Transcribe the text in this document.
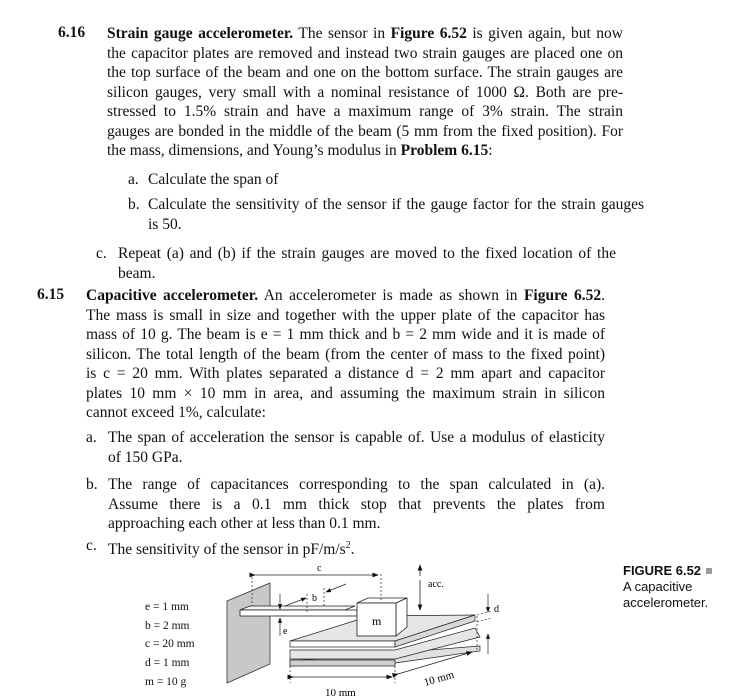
6.16 Strain gauge accelerometer. The sensor in Figure 6.52 is given again, but now
the capacitor plates are removed and instead two strain gauges are placed one on
the top surface of the beam and one on the bottom surface. The strain gauges are
silicon gauges, very small with a nominal resistance of 1000 Ω. Both are pre-
stressed to 1.5% strain and have a maximum range of 3% strain. The strain
gauges are bonded in the middle of the beam (5 mm from the fixed position). For
the mass, dimensions, and Young’s modulus in Problem 6.15:
a. Calculate the span of
b. Calculate the sensitivity of the sensor if the gauge factor for the strain gauges
is 50.
c. Repeat (a) and (b) if the strain gauges are moved to the fixed location of the
beam.
6.15 Capacitive accelerometer. An accelerometer is made as shown in Figure 6.52.
The mass is small in size and together with the upper plate of the capacitor has
mass of 10 g. The beam is e = 1 mm thick and b = 2 mm wide and it is made of
silicon. The total length of the beam (from the center of mass to the fixed point)
is c = 20 mm. With plates separated a distance d = 2 mm apart and capacitor
plates 10 mm × 10 mm in area, and assuming the maximum strain in silicon
cannot exceed 1%, calculate:
a. The span of acceleration the sensor is capable of. Use a modulus of elasticity
of 150 GPa.
b. The range of capacitances corresponding to the span calculated in (a).
Assume there is a 0.1 mm thick stop that prevents the plates from
approaching each other at less than 0.1 mm.
c. The sensitivity of the sensor in $pF/m/s^2$.
e = 1 mm
b = 2 mm
c = 20 mm
d = 1 mm
m = 10 g
m
c
b
e
acc.
d
10 mm
10 mm
FIGURE 6.52
A capacitive
accelerometer.
